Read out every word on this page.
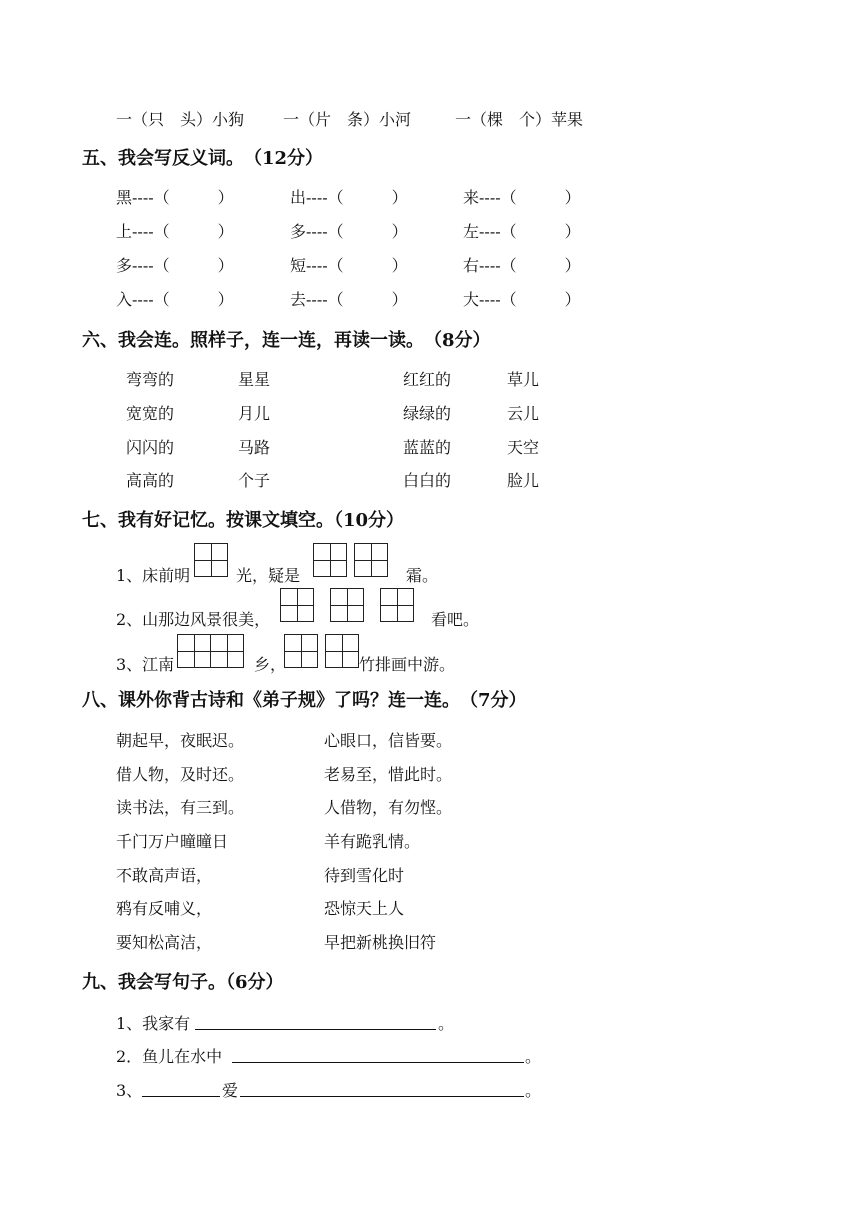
一（只　头）小狗 一（片　条）小河	一（棵　个）苹果
五、我会写反义词。　（12分）
黑----（　　　）	出----（　　　）	来----（　　　）
上----（　　　）	多----（　　　）	左----（　　　）
多----（　　　）	短----（　　　）	右----（　　　）
入----（　　　）	去----（　　　）	大----（　　　）
六、我会连。照样子，连一连，再读一读。　（8分）
弯弯的	星星	红红的	草儿
宽宽的	月儿	绿绿的	云儿
闪闪的	马路	蓝蓝的	天空
高高的	个子	白白的	脸儿
七、我有好记忆。按课文填空。（10分）
1、床前明	光，疑是	霜。
2、山那边风景很美，	看吧。
3、江南	乡，	竹排画中游。
八、课外你背古诗和《弟子规》了吗？连一连。　（7分）
朝起早，夜眠迟。	心眼口，信皆要。
借人物，及时还。	老易至，惜此时。
读书法，有三到。	人借物，有勿悭。
千门万户曈曈日	羊有跪乳情。
不敢高声语，	待到雪化时
鸦有反哺义，	恐惊天上人
要知松高洁，	早把新桃换旧符
九、我会写句子。（6分）
1、我家有	。
2．鱼儿在水中	。
3、	爱	。
